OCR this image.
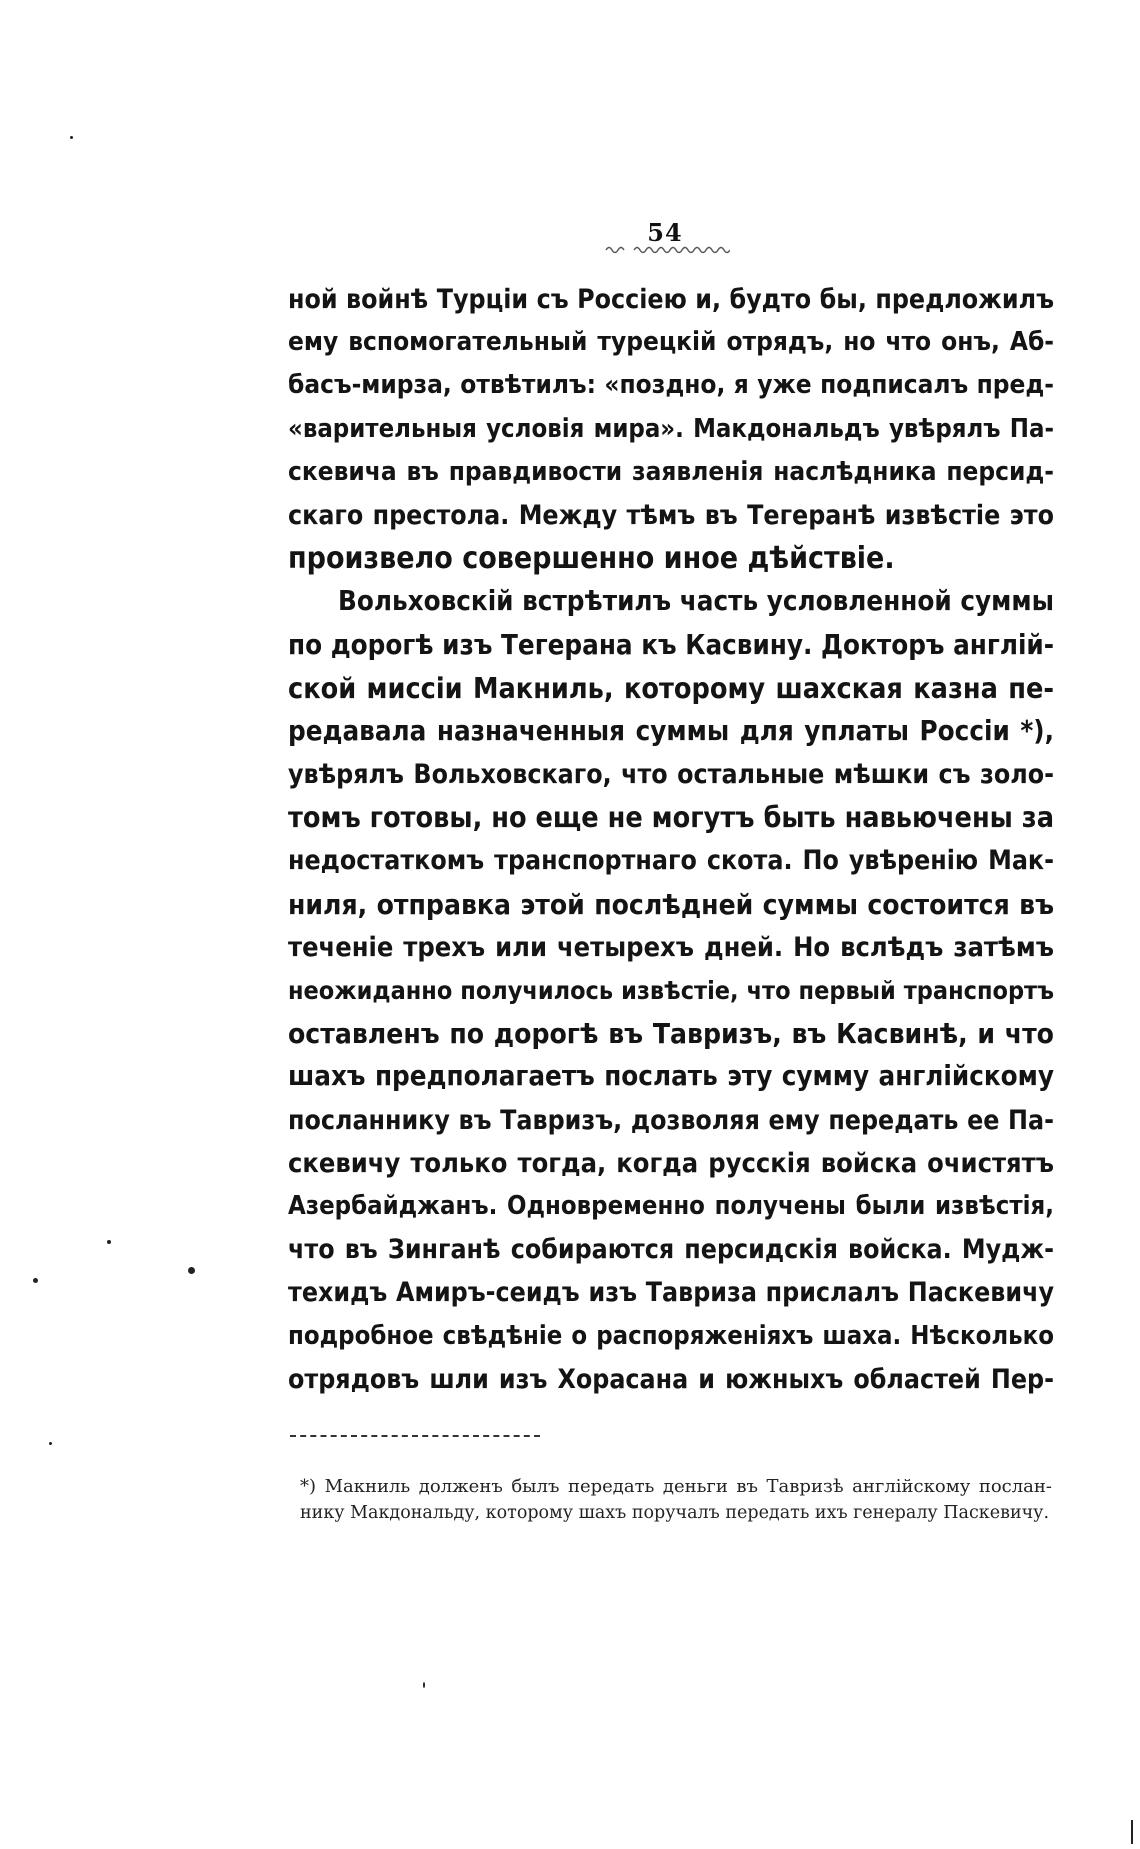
54
ной войнѣ Турціи съ Россіею и, будто бы, предложилъ
ему вспомогательный турецкій отрядъ, но что онъ, Аб-
басъ-мирза, отвѣтилъ: «поздно, я уже подписалъ пред-
«варительныя условія мира». Макдональдъ увѣрялъ Па-
скевича въ правдивости заявленія наслѣдника персид-
скаго престола. Между тѣмъ въ Тегеранѣ извѣстіе это
произвело совершенно иное дѣйствіе.
Вольховскій встрѣтилъ часть условленной суммы
по дорогѣ изъ Тегерана къ Касвину. Докторъ англій-
ской миссіи Макниль, которому шахская казна пе-
редавала назначенныя суммы для уплаты Россіи *),
увѣрялъ Вольховскаго, что остальные мѣшки съ золо-
томъ готовы, но еще не могутъ быть навьючены за
недостаткомъ транспортнаго скота. По увѣренію Мак-
ниля, отправка этой послѣдней суммы состоится въ
теченіе трехъ или четырехъ дней. Но вслѣдъ затѣмъ
неожиданно получилось извѣстіе, что первый транспортъ
оставленъ по дорогѣ въ Тавризъ, въ Касвинѣ, и что
шахъ предполагаетъ послать эту сумму англійскому
посланнику въ Тавризъ, дозволяя ему передать ее Па-
скевичу только тогда, когда русскія войска очистятъ
Азербайджанъ. Одновременно получены были извѣстія,
что въ Зинганѣ собираются персидскія войска. Мудж-
техидъ Амиръ-сеидъ изъ Тавриза прислалъ Паскевичу
подробное свѣдѣніе о распоряженіяхъ шаха. Нѣсколько
отрядовъ шли изъ Хорасана и южныхъ областей Пер-
*) Макниль долженъ былъ передать деньги въ Тавризѣ англійскому послан-
нику Макдональду, которому шахъ поручалъ передать ихъ генералу Паскевичу.
